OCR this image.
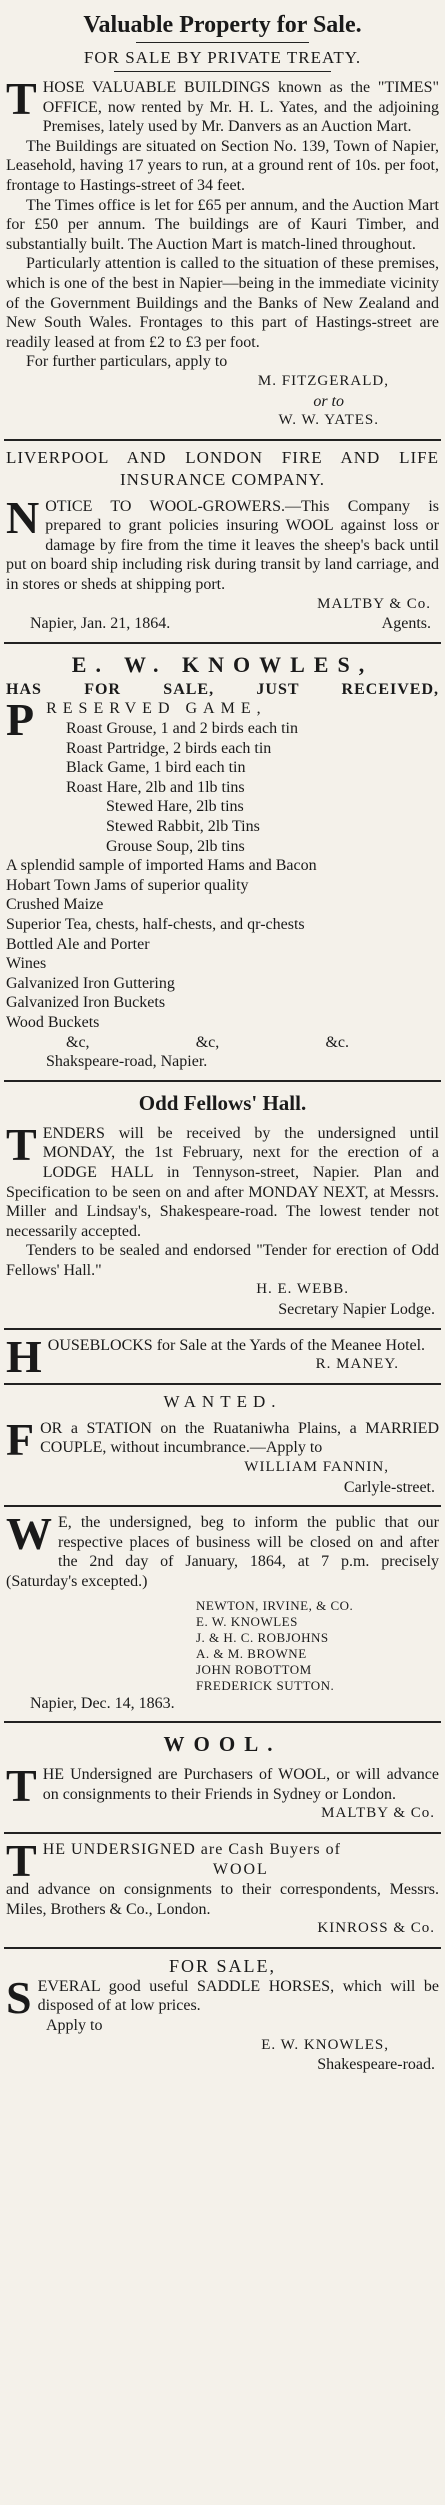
Valuable Property for Sale.
FOR SALE BY PRIVATE TREATY.

THOSE VALUABLE BUILDINGS known as the "TIMES" OFFICE, now rented by Mr. H. L. Yates, and the adjoining Premises, lately used by Mr. Danvers as an Auction Mart.

The Buildings are situated on Section No. 139, Town of Napier, Leasehold, having 17 years to run, at a ground rent of 10s. per foot, frontage to Hastings-street of 34 feet.

The Times office is let for £65 per annum, and the Auction Mart for £50 per annum. The buildings are of Kauri Timber, and substantially built. The Auction Mart is match-lined throughout.

Particularly attention is called to the situation of these premises, which is one of the best in Napier—being in the immediate vicinity of the Government Buildings and the Banks of New Zealand and New South Wales. Frontages to this part of Hastings-street are readily leased at from £2 to £3 per foot.

For further particulars, apply to

M. FITZGERALD,
or to
W. W. YATES.
LIVERPOOL AND LONDON FIRE AND LIFE INSURANCE COMPANY.

NOTICE TO WOOL-GROWERS.—This Company is prepared to grant policies insuring WOOL against loss or damage by fire from the time it leaves the sheep's back until put on board ship including risk during transit by land carriage, and in stores or sheds at shipping port.

MALTBY & Co.
Napier, Jan. 21, 1864.	Agents.
E. W. KNOWLES,
HAS FOR SALE, JUST RECEIVED,
PRESERVED GAME,
Roast Grouse, 1 and 2 birds each tin
Roast Partridge, 2 birds each tin
Black Game, 1 bird each tin
Roast Hare, 2lb and 1lb tins
Stewed Hare, 2lb tins
Stewed Rabbit, 2lb Tins
Grouse Soup, 2lb tins
A splendid sample of imported Hams and Bacon
Hobart Town Jams of superior quality
Crushed Maize
Superior Tea, chests, half-chests, and qr-chests
Bottled Ale and Porter
Wines
Galvanized Iron Guttering
Galvanized Iron Buckets
Wood Buckets
&c,	&c,	&c.
Shakspeare-road, Napier.
Odd Fellows' Hall.

TENDERS will be received by the undersigned until MONDAY, the 1st February, next for the erection of a LODGE HALL in Tennyson-street, Napier. Plan and Specification to be seen on and after MONDAY NEXT, at Messrs. Miller and Lindsay's, Shakespeare-road. The lowest tender not necessarily accepted.

Tenders to be sealed and endorsed "Tender for erection of Odd Fellows' Hall."

H. E. WEBB.
Secretary Napier Lodge.

HOUSEBLOCKS for Sale at the Yards of the Meanee Hotel.

R. MANEY.
WANTED.

FOR a STATION on the Ruataniwha Plains, a MARRIED COUPLE, without incumbrance.—Apply to

WILLIAM FANNIN,
Carlyle-street.

W E, the undersigned, beg to inform the public that our respective places of business will be closed on and after the 2nd day of January, 1864, at 7 p.m. precisely (Saturday's excepted.)

NEWTON, IRVINE, & CO.
E. W. KNOWLES
J. & H. C. ROBJOHNS
A. & M. BROWNE
JOHN ROBOTTOM
FREDERICK SUTTON.
Napier, Dec. 14, 1863.
WOOL.

THE Undersigned are Purchasers of WOOL, or will advance on consignments to their Friends in Sydney or London.

MALTBY & Co.
THE UNDERSIGNED are Cash Buyers of
WOOL

and advance on consignments to their correspondents, Messrs. Miles, Brothers & Co., London.

KINROSS & Co.
FOR SALE,

SEVERAL good useful SADDLE HORSES, which will be disposed of at low prices.

Apply to
E. W. KNOWLES,
Shakespeare-road.
